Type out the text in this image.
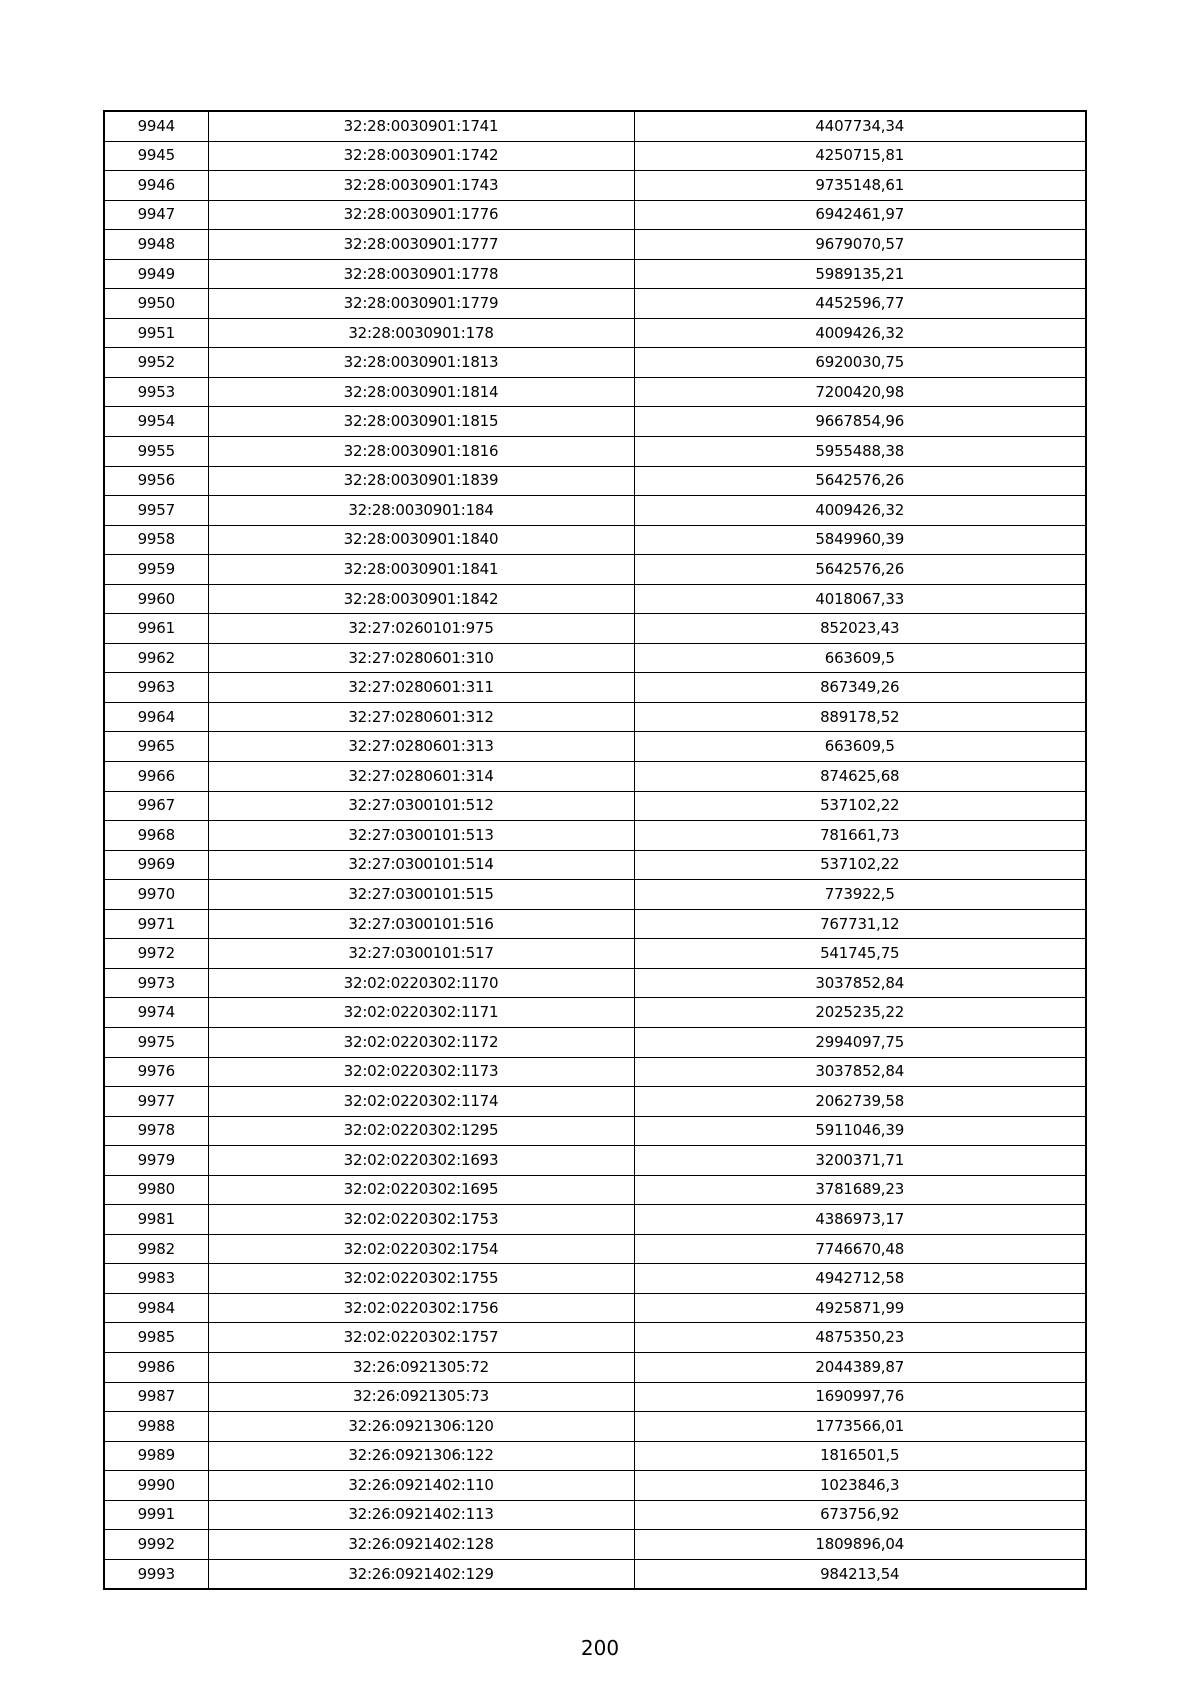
9944	32:28:0030901:1741	4407734,34
9945	32:28:0030901:1742	4250715,81
9946	32:28:0030901:1743	9735148,61
9947	32:28:0030901:1776	6942461,97
9948	32:28:0030901:1777	9679070,57
9949	32:28:0030901:1778	5989135,21
9950	32:28:0030901:1779	4452596,77
9951	32:28:0030901:178	4009426,32
9952	32:28:0030901:1813	6920030,75
9953	32:28:0030901:1814	7200420,98
9954	32:28:0030901:1815	9667854,96
9955	32:28:0030901:1816	5955488,38
9956	32:28:0030901:1839	5642576,26
9957	32:28:0030901:184	4009426,32
9958	32:28:0030901:1840	5849960,39
9959	32:28:0030901:1841	5642576,26
9960	32:28:0030901:1842	4018067,33
9961	32:27:0260101:975	852023,43
9962	32:27:0280601:310	663609,5
9963	32:27:0280601:311	867349,26
9964	32:27:0280601:312	889178,52
9965	32:27:0280601:313	663609,5
9966	32:27:0280601:314	874625,68
9967	32:27:0300101:512	537102,22
9968	32:27:0300101:513	781661,73
9969	32:27:0300101:514	537102,22
9970	32:27:0300101:515	773922,5
9971	32:27:0300101:516	767731,12
9972	32:27:0300101:517	541745,75
9973	32:02:0220302:1170	3037852,84
9974	32:02:0220302:1171	2025235,22
9975	32:02:0220302:1172	2994097,75
9976	32:02:0220302:1173	3037852,84
9977	32:02:0220302:1174	2062739,58
9978	32:02:0220302:1295	5911046,39
9979	32:02:0220302:1693	3200371,71
9980	32:02:0220302:1695	3781689,23
9981	32:02:0220302:1753	4386973,17
9982	32:02:0220302:1754	7746670,48
9983	32:02:0220302:1755	4942712,58
9984	32:02:0220302:1756	4925871,99
9985	32:02:0220302:1757	4875350,23
9986	32:26:0921305:72	2044389,87
9987	32:26:0921305:73	1690997,76
9988	32:26:0921306:120	1773566,01
9989	32:26:0921306:122	1816501,5
9990	32:26:0921402:110	1023846,3
9991	32:26:0921402:113	673756,92
9992	32:26:0921402:128	1809896,04
9993	32:26:0921402:129	984213,54
200
